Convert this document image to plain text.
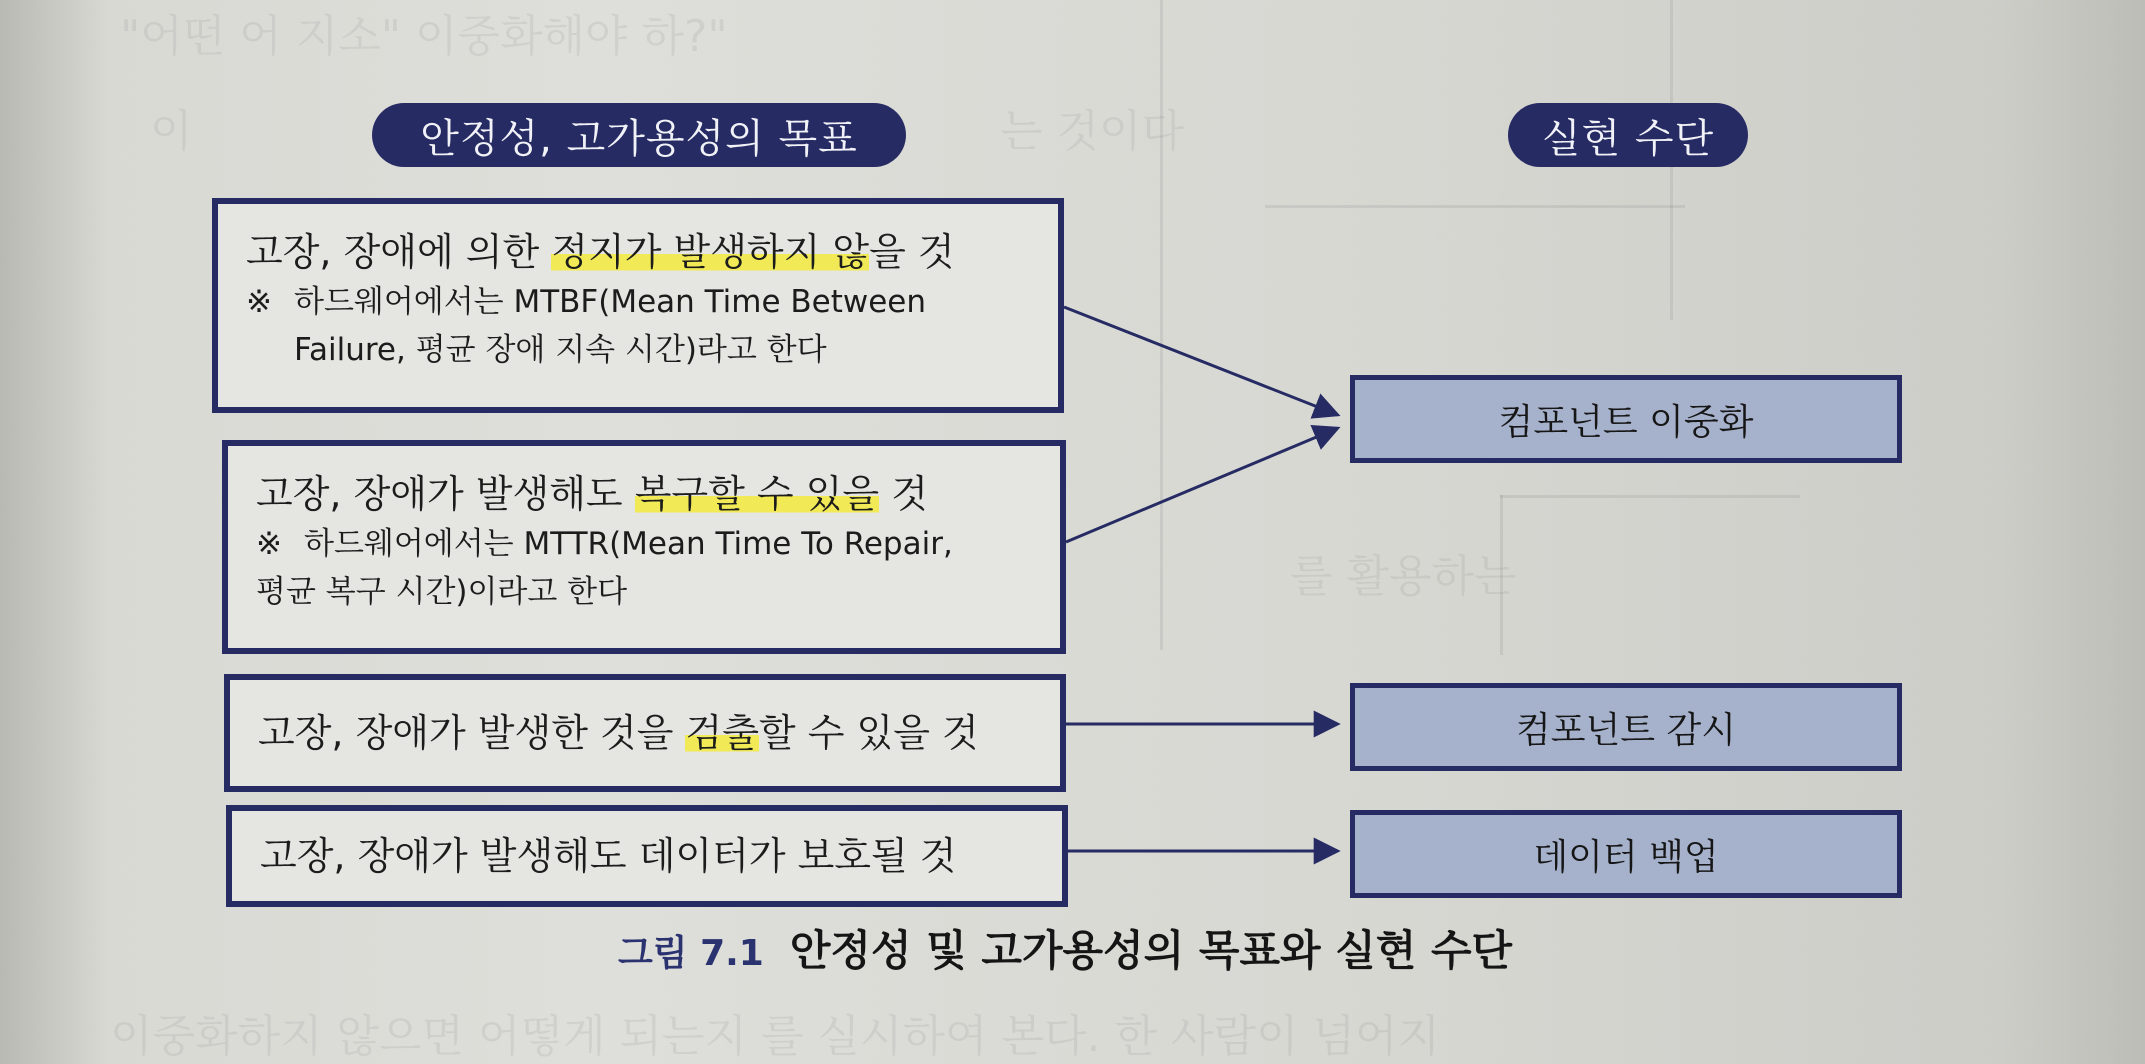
"어떤 어 지소" 이중화해야 하?"
이	는 것이다
를 활용하는
이중화하지 않으면 어떻게 되는지 를 실시하여 본다. 한 사람이 넘어지
안정성, 고가용성의 목표	실현 수단
고장, 장애에 의한 정지가 발생하지 않을 것
※ 하드웨어에서는 MTBF(Mean Time Between
Failure, 평균 장애 지속 시간)라고 한다
고장, 장애가 발생해도 복구할 수 있을 것
※ 하드웨어에서는 MTTR(Mean Time To Repair,
평균 복구 시간)이라고 한다
고장, 장애가 발생한 것을 검출할 수 있을 것
고장, 장애가 발생해도 데이터가 보호될 것
컴포넌트 이중화
컴포넌트 감시
데이터 백업
그림 7.1 안정성 및 고가용성의 목표와 실현 수단
